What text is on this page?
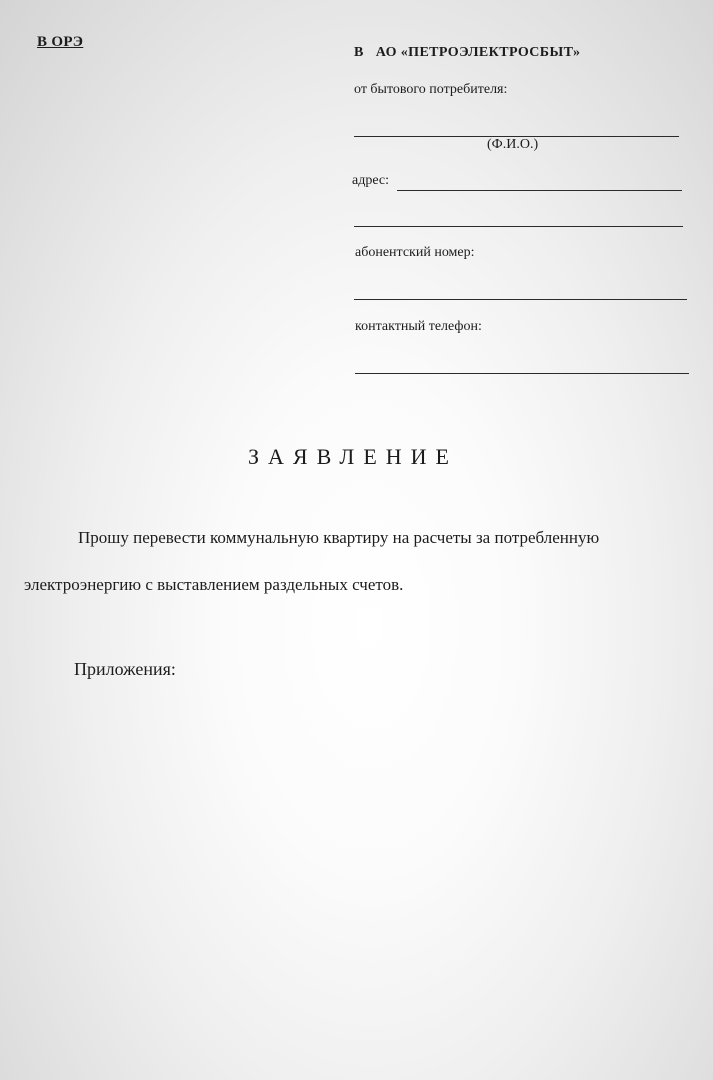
В ОРЭ
В АО «ПЕТРОЭЛЕКТРОСБЫТ»
от бытового потребителя:
(Ф.И.О.)
адрес:
абонентский номер:
контактный телефон:
ЗАЯВЛЕНИЕ
Прошу перевести коммунальную квартиру на расчеты за потребленную
электроэнергию с выставлением раздельных счетов.
Приложения:
